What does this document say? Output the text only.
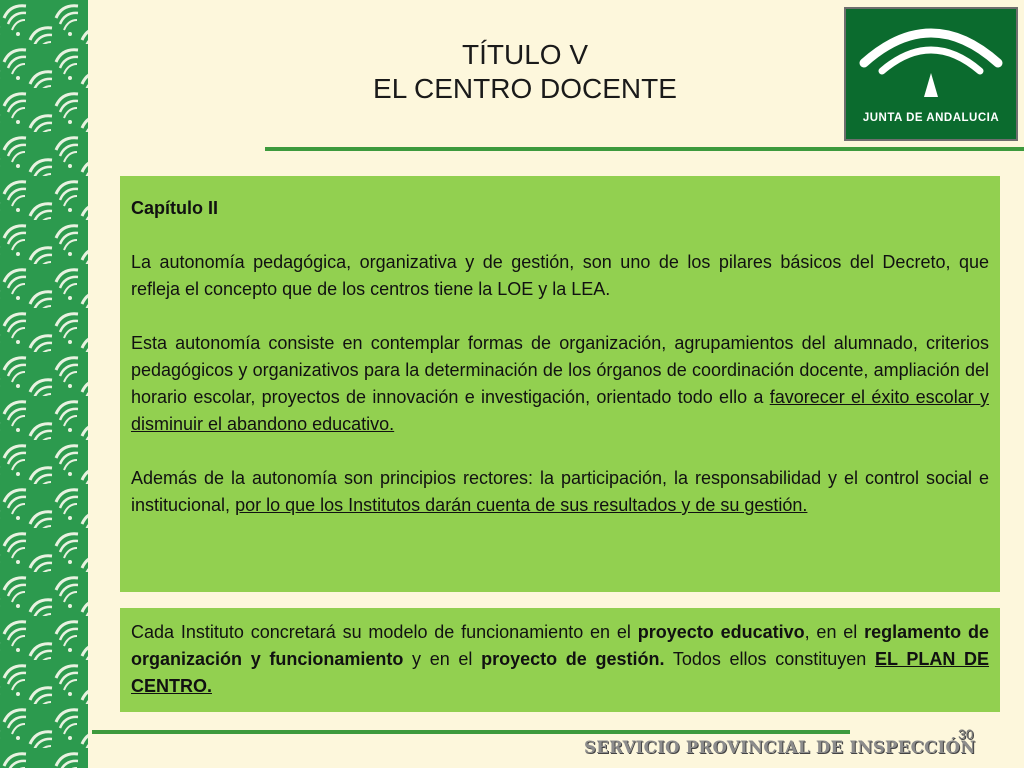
TÍTULO V
EL CENTRO DOCENTE
JUNTA DE ANDALUCIA

Capítulo II

La autonomía pedagógica, organizativa y de gestión, son uno de los pilares básicos del Decreto, que refleja el concepto que de los centros tiene la LOE y la LEA.

Esta autonomía consiste en contemplar formas de organización, agrupamientos del alumnado, criterios pedagógicos y organizativos para la determinación de los órganos de coordinación docente, ampliación del horario escolar, proyectos de innovación e investigación, orientado todo ello a favorecer el éxito escolar y disminuir el abandono educativo.

Además de la autonomía son principios rectores: la participación, la responsabilidad y el control social e institucional, por lo que los Institutos darán cuenta de sus resultados y de su gestión.

Cada Instituto concretará su modelo de funcionamiento en el proyecto educativo, en el reglamento de organización y funcionamiento y en el proyecto de gestión. Todos ellos constituyen EL PLAN DE CENTRO.

30
SERVICIO PROVINCIAL DE INSPECCIÓN
